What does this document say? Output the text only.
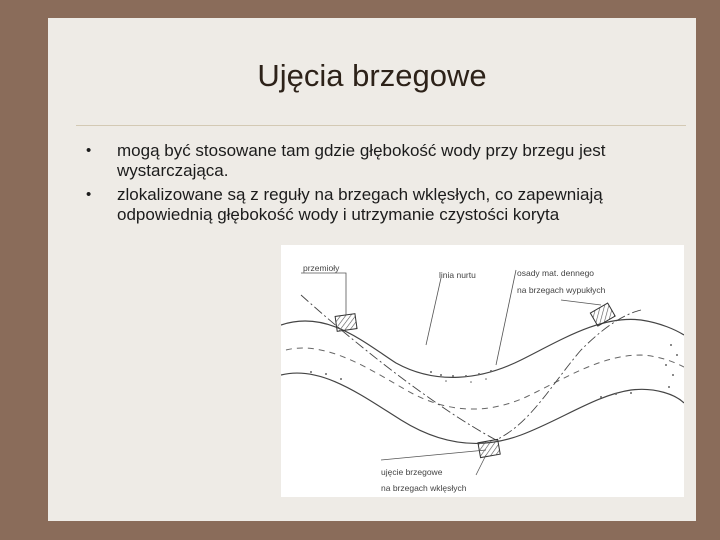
Ujęcia brzegowe
• mogą być stosowane tam gdzie głębokość wody przy brzegu jest wystarczająca.
• zlokalizowane są z reguły na brzegach wklęsłych, co zapewniają odpowiednią głębokość wody i utrzymanie czystości koryta
przemioły
linia nurtu	osady mat. dennego
na brzegach wypukłych
ujęcie brzegowe
na brzegach wklęsłych
